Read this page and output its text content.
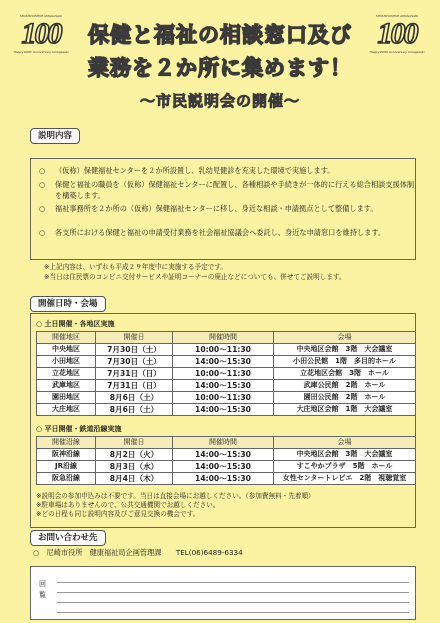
SHOUSHUSHUE AMAGASAKI
100
Happy100th Anniversary Amagasaki
SHOUSHUSHUE AMAGASAKI
100
Happy100th Anniversary Amagasaki
保健と福祉の相談窓口及び
業務を２か所に集めます！
～市民説明会の開催～
説明内容
○ （仮称）保健福祉センターを２か所設置し、乳幼児健診を充実した環境で実施します。
○ 保健と福祉の職員を（仮称）保健福祉センターに配置し、各種相談や手続きが一体的に行える総合相談支援体制を構築します。
○ 福祉事務所を２か所の（仮称）保健福祉センターに移し、身近な相談・申請拠点として整備します。
○ 各支所における保健と福祉の申請受付業務を社会福祉協議会へ委託し、身近な申請窓口を維持します。
※上記内容は、いずれも平成２９年度中に実施する予定です。
※当日は住民票のコンビニ交付サービスや証明コーナーの廃止などについても、併せてご説明します。
開催日時・会場
○ 土日開催・各地区実施
開催地区	開催日	開催時間	会場
中央地区	7月30日（土）	10:00～11:30	中央地区会館　3階　大会議室
小田地区	7月30日（土）	14:00～15:30	小田公民館　1階　多目的ホール
立花地区	7月31日（日）	10:00～11:30	立花地区会館　3階　ホール
武庫地区	7月31日（日）	14:00～15:30	武庫公民館　2階　ホール
園田地区	8月6日（土）	10:00～11:30	園田公民館　2階　ホール
大庄地区	8月6日（土）	14:00～15:30	大庄地区会館　1階　大会議室
○ 平日開催・鉄道沿線実施
開催沿線	開催日	開催時間	会場
阪神沿線	8月2日（火）	14:00～15:30	中央地区会館　3階　大会議室
JR沿線	8月3日（水）	14:00～15:30	すこやかプラザ　5階　ホール
阪急沿線	8月4日（木）	14:00～15:30	女性センタートレピエ　2階　視聴覚室
※説明会の参加申込みは不要です。当日は直接会場にお越しください。（参加費無料・先着順）
※駐車場はありませんので、公共交通機関でお越しください。
※どの日程も同じ説明内容及びご意見交換の機会です。
お問い合わせ先
○　尼崎市役所　健康福祉局企画管理課　　TEL(06)6489-6334
回覧
